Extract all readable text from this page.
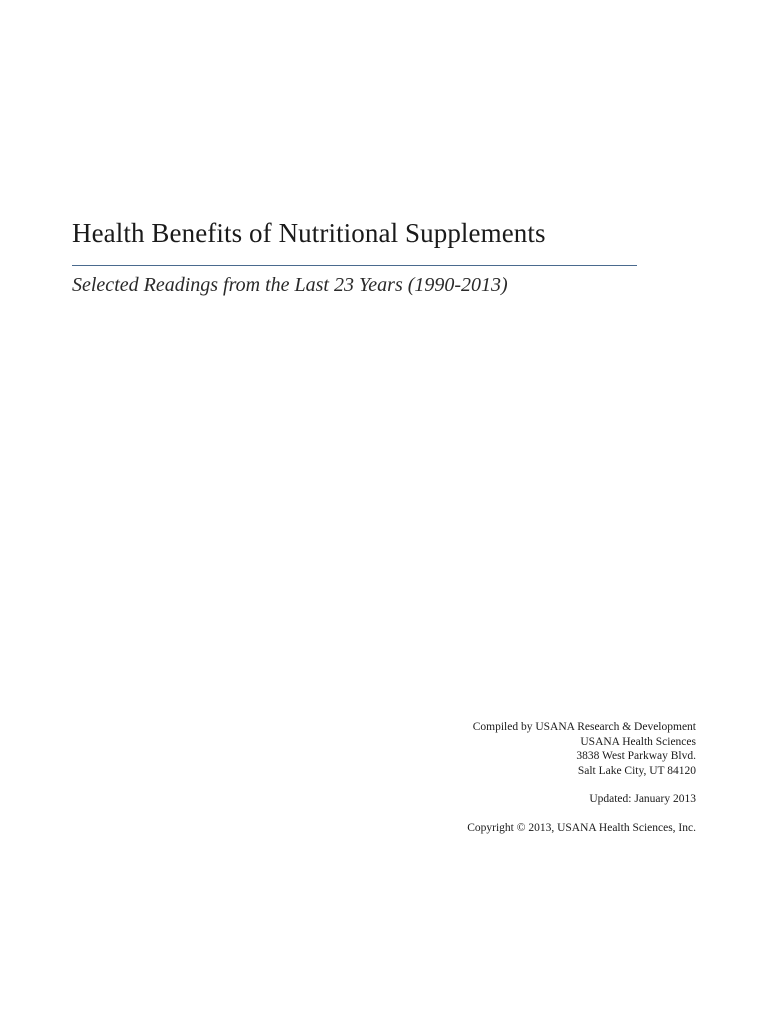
Health Benefits of Nutritional Supplements
Selected Readings from the Last 23 Years (1990-2013)
Compiled by USANA Research & Development
USANA Health Sciences
3838 West Parkway Blvd.
Salt Lake City, UT 84120
Updated: January 2013
Copyright © 2013, USANA Health Sciences, Inc.
